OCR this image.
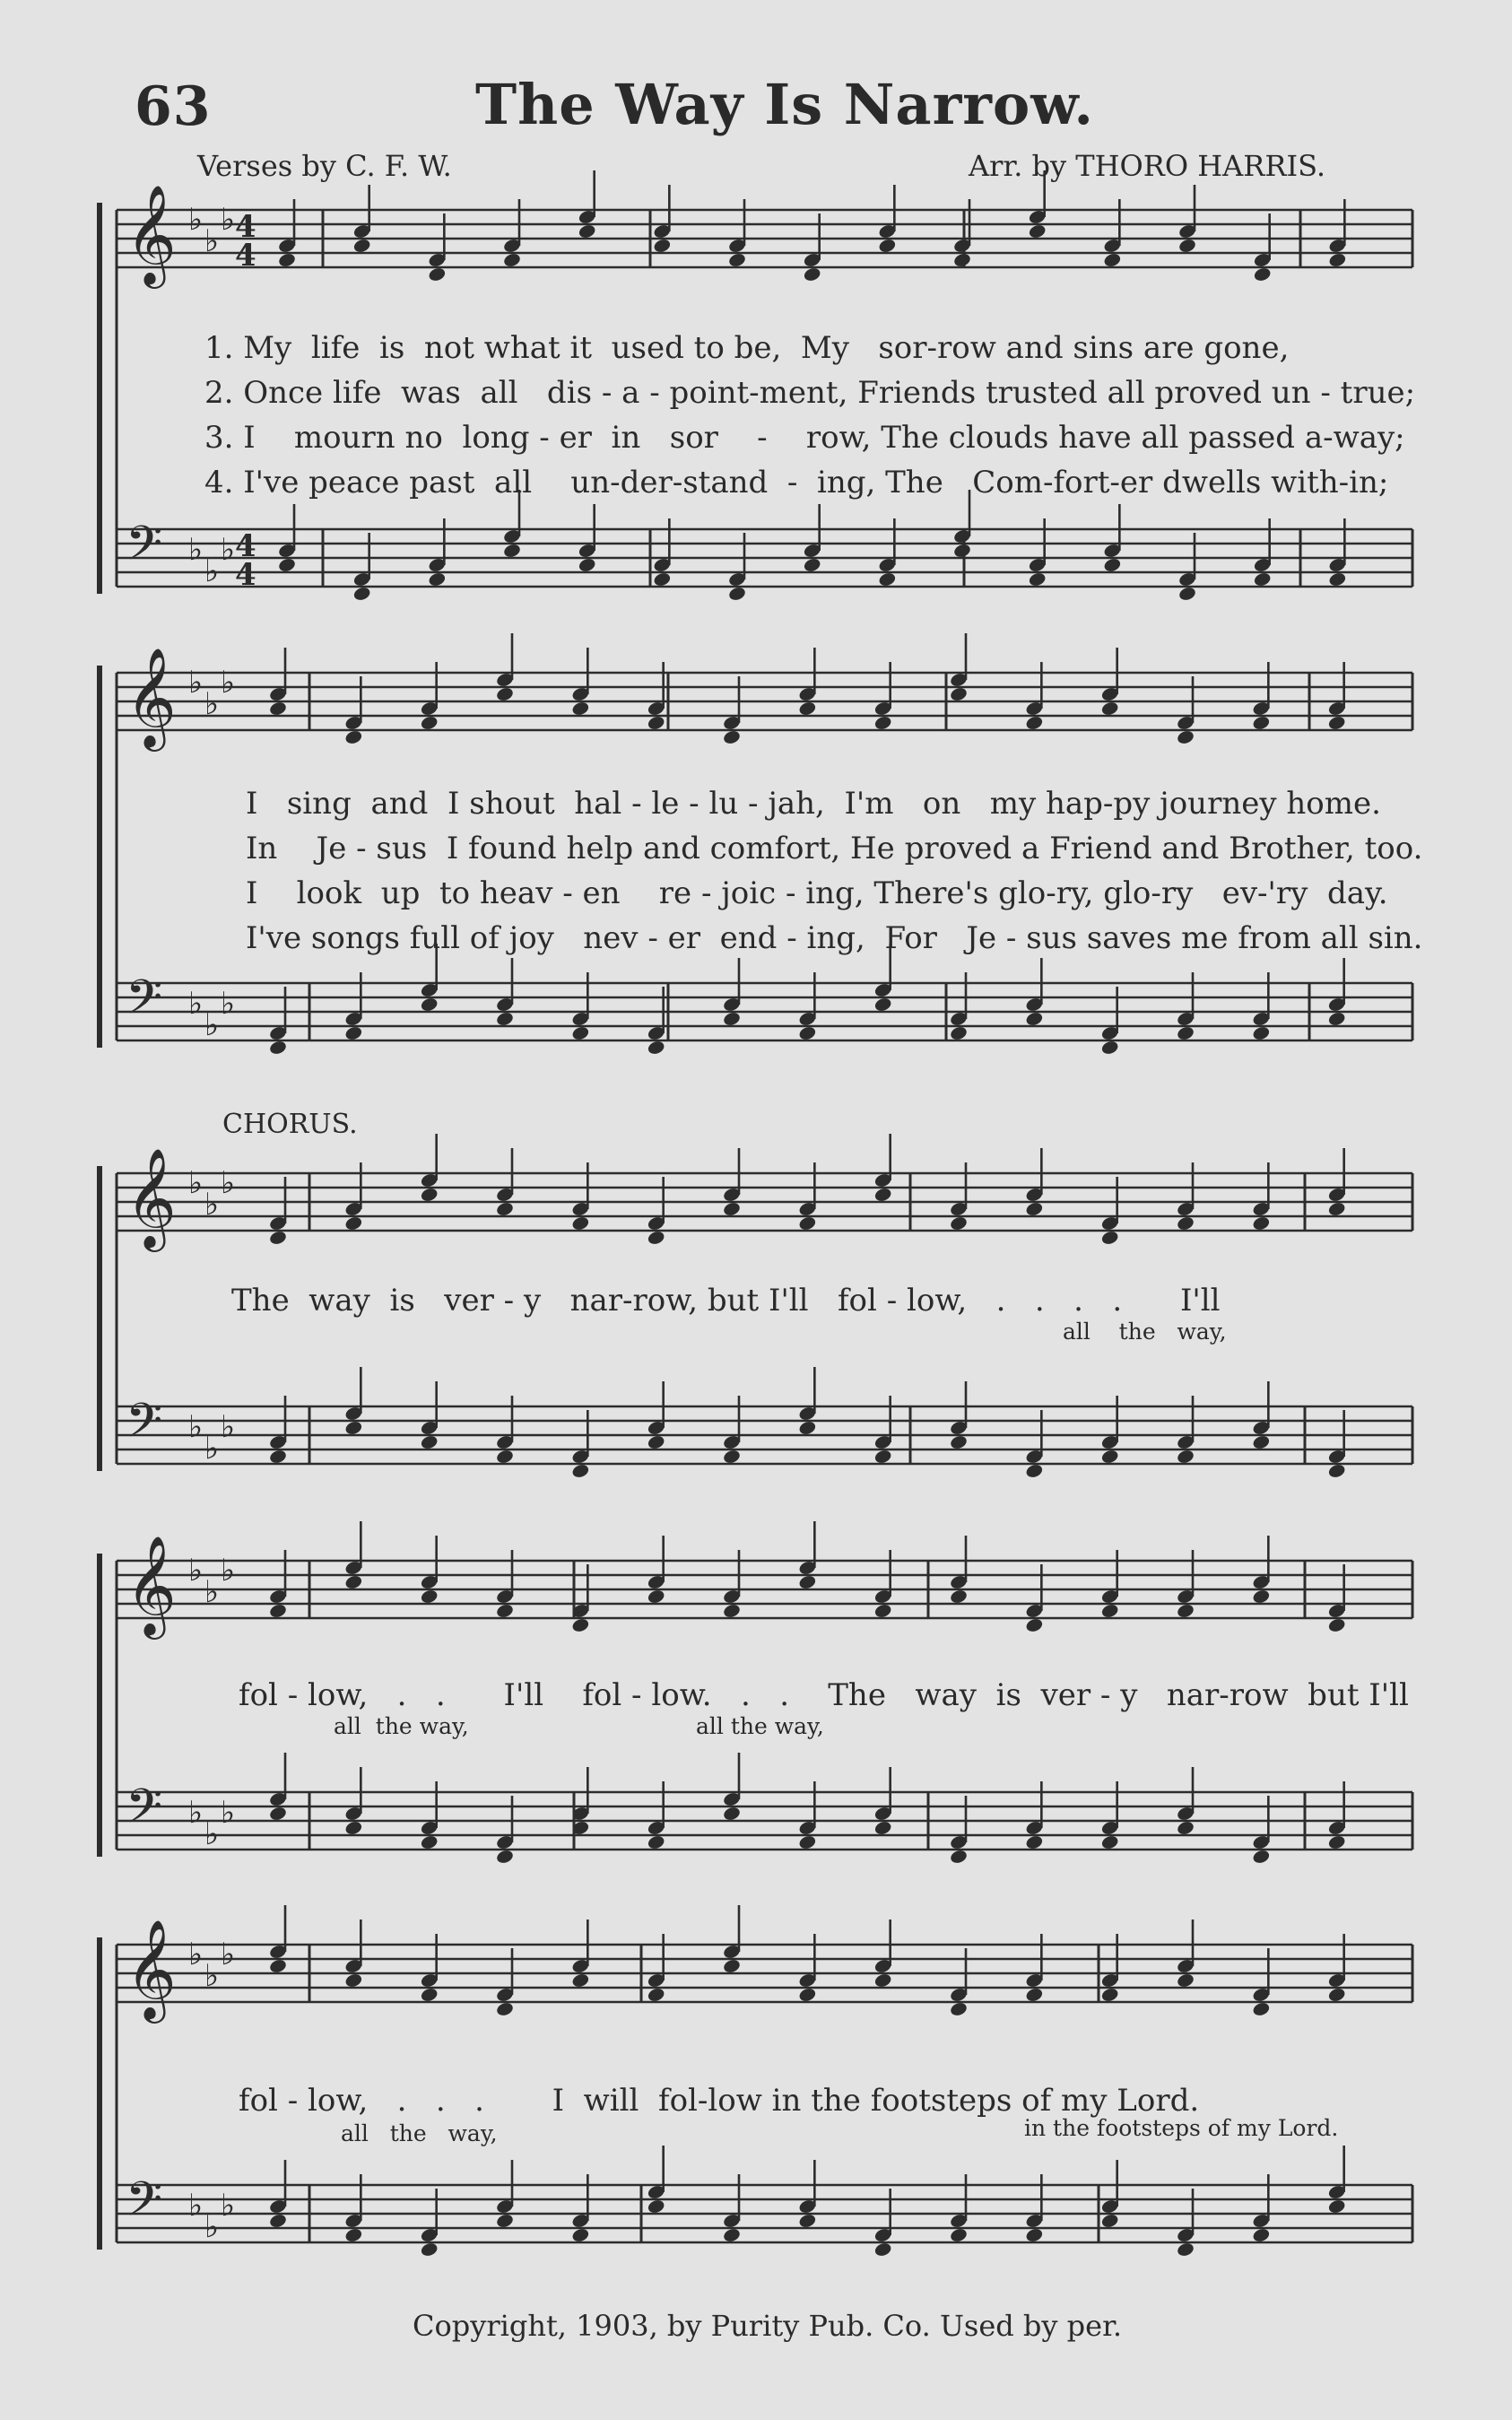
63	The Way Is Narrow.
Verses by C. F. W.	Arr. by THORO HARRIS.
𝄞 ♭
♭
♭ 4
4
𝄢 ♭
♭
♭ 4
4
𝄞 ♭
♭
♭
𝄢 ♭
♭
♭
𝄞 ♭
♭
♭
𝄢 ♭
♭
♭
𝄞 ♭
♭
♭
𝄢 ♭
♭
♭
𝄞 ♭
♭
♭
𝄢 ♭
♭
♭
1. My  life  is  not what it  used to be,  My   sor-row and sins are gone,
2. Once life  was  all   dis - a - point-ment, Friends trusted all proved un - true;
3. I    mourn no  long - er  in   sor    -    row, The clouds have all passed a-way;
4. I've peace past  all    un-der-stand  -  ing, The   Com-fort-er dwells with-in;
I   sing  and  I shout  hal - le - lu - jah,  I'm   on   my hap-py journey home.
In    Je - sus  I found help and comfort, He proved a Friend and Brother, too.
I    look  up  to heav - en    re - joic - ing, There's glo-ry, glo-ry   ev-'ry  day.
I've songs full of joy   nev - er  end - ing,  For   Je - sus saves me from all sin.
CHORUS.
The  way  is   ver - y   nar-row, but I'll   fol - low,   .   .   .   .      I'll
all    the   way,
fol - low,   .   .      I'll    fol - low.   .   .    The   way  is  ver - y   nar-row  but I'll
all  the way,	all the way,
fol - low,   .   .   .       I  will  fol-low in the footsteps of my Lord.
all   the   way,	in the footsteps of my Lord.
Copyright, 1903, by Purity Pub. Co. Used by per.
